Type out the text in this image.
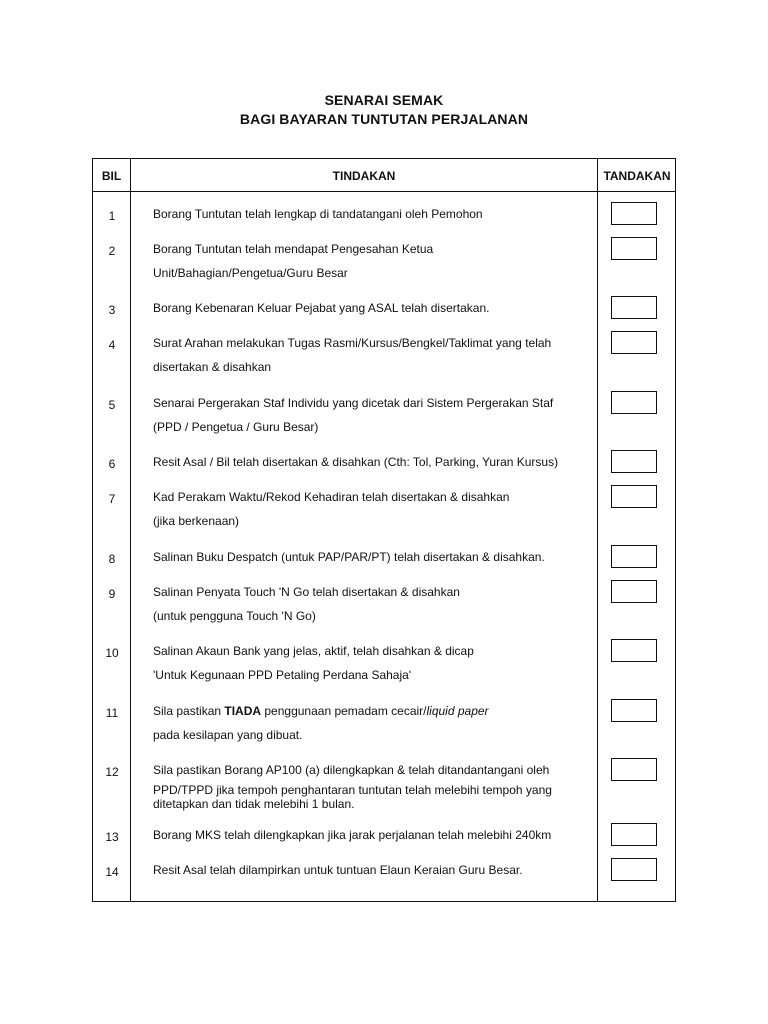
SENARAI SEMAK
BAGI BAYARAN TUNTUTAN PERJALANAN
BIL	TINDAKAN	TANDAKAN
1	Borang Tuntutan telah lengkap di tandatangani oleh Pemohon
2	Borang Tuntutan telah mendapat Pengesahan Ketua
Unit/Bahagian/Pengetua/Guru Besar
3	Borang Kebenaran Keluar Pejabat yang ASAL telah disertakan.
4	Surat Arahan melakukan Tugas Rasmi/Kursus/Bengkel/Taklimat yang telah
disertakan & disahkan
5	Senarai Pergerakan Staf Individu yang dicetak dari Sistem Pergerakan Staf
(PPD / Pengetua / Guru Besar)
6	Resit Asal / Bil telah disertakan & disahkan (Cth: Tol, Parking, Yuran Kursus)
7	Kad Perakam Waktu/Rekod Kehadiran telah disertakan & disahkan
(jika berkenaan)
8	Salinan Buku Despatch (untuk PAP/PAR/PT) telah disertakan & disahkan.
9	Salinan Penyata Touch 'N Go telah disertakan & disahkan
(untuk pengguna Touch 'N Go)
10	Salinan Akaun Bank yang jelas, aktif, telah disahkan & dicap
'Untuk Kegunaan PPD Petaling Perdana Sahaja'
11	Sila pastikan TIADA penggunaan pemadam cecair/liquid paper
pada kesilapan yang dibuat.
12	Sila pastikan Borang AP100 (a) dilengkapkan & telah ditandantangani oleh
PPD/TPPD jika tempoh penghantaran tuntutan telah melebihi tempoh yang
ditetapkan dan tidak melebihi 1 bulan.
13	Borang MKS telah dilengkapkan jika jarak perjalanan telah melebihi 240km
14	Resit Asal telah dilampirkan untuk tuntuan Elaun Keraian Guru Besar.
